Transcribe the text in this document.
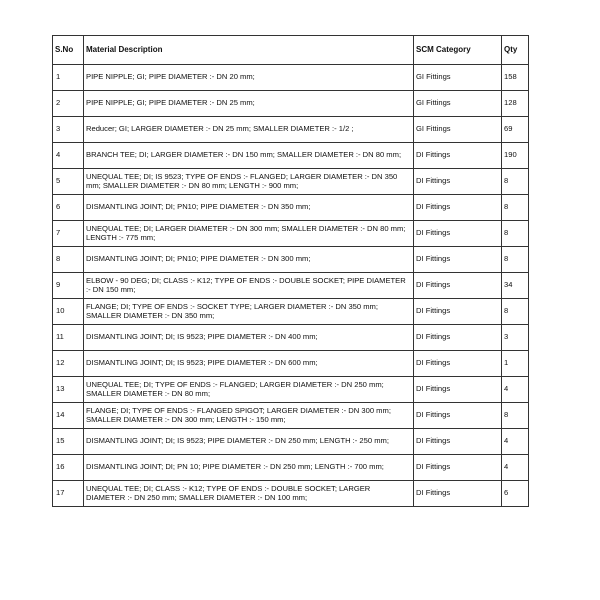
S.No	Material Description	SCM Category	Qty
1	PIPE NIPPLE; GI; PIPE DIAMETER :- DN 20 mm;	GI Fittings	158
2	PIPE NIPPLE; GI; PIPE DIAMETER :- DN 25 mm;	GI Fittings	128
3	Reducer; GI; LARGER DIAMETER :- DN 25 mm; SMALLER DIAMETER :- 1/2 ;	GI Fittings	69
4	BRANCH TEE; DI; LARGER DIAMETER :- DN 150 mm; SMALLER DIAMETER :- DN 80 mm;	DI Fittings	190
5	UNEQUAL TEE; DI; IS 9523; TYPE OF ENDS :- FLANGED; LARGER DIAMETER :- DN 350 mm; SMALLER DIAMETER :- DN 80 mm; LENGTH :- 900 mm;	DI Fittings	8
6	DISMANTLING JOINT; DI; PN10; PIPE DIAMETER :- DN 350 mm;	DI Fittings	8
7	UNEQUAL TEE; DI; LARGER DIAMETER :- DN 300 mm; SMALLER DIAMETER :- DN 80 mm; LENGTH :- 775 mm;	DI Fittings	8
8	DISMANTLING JOINT; DI; PN10; PIPE DIAMETER :- DN 300 mm;	DI Fittings	8
9	ELBOW - 90 DEG; DI; CLASS :- K12; TYPE OF ENDS :- DOUBLE SOCKET; PIPE DIAMETER :- DN 150 mm;	DI Fittings	34
10	FLANGE; DI; TYPE OF ENDS :- SOCKET TYPE; LARGER DIAMETER :- DN 350 mm; SMALLER DIAMETER :- DN 350 mm;	DI Fittings	8
11	DISMANTLING JOINT; DI; IS 9523; PIPE DIAMETER :- DN 400 mm;	DI Fittings	3
12	DISMANTLING JOINT; DI; IS 9523; PIPE DIAMETER :- DN 600 mm;	DI Fittings	1
13	UNEQUAL TEE; DI; TYPE OF ENDS :- FLANGED; LARGER DIAMETER :- DN 250 mm; SMALLER DIAMETER :- DN 80 mm;	DI Fittings	4
14	FLANGE; DI; TYPE OF ENDS :- FLANGED SPIGOT; LARGER DIAMETER :- DN 300 mm; SMALLER DIAMETER :- DN 300 mm; LENGTH :- 150 mm;	DI Fittings	8
15	DISMANTLING JOINT; DI; IS 9523; PIPE DIAMETER :- DN 250 mm; LENGTH :- 250 mm;	DI Fittings	4
16	DISMANTLING JOINT; DI; PN 10; PIPE DIAMETER :- DN 250 mm; LENGTH :- 700 mm;	DI Fittings	4
17	UNEQUAL TEE; DI; CLASS :- K12; TYPE OF ENDS :- DOUBLE SOCKET; LARGER DIAMETER :- DN 250 mm; SMALLER DIAMETER :- DN 100 mm;	DI Fittings	6
